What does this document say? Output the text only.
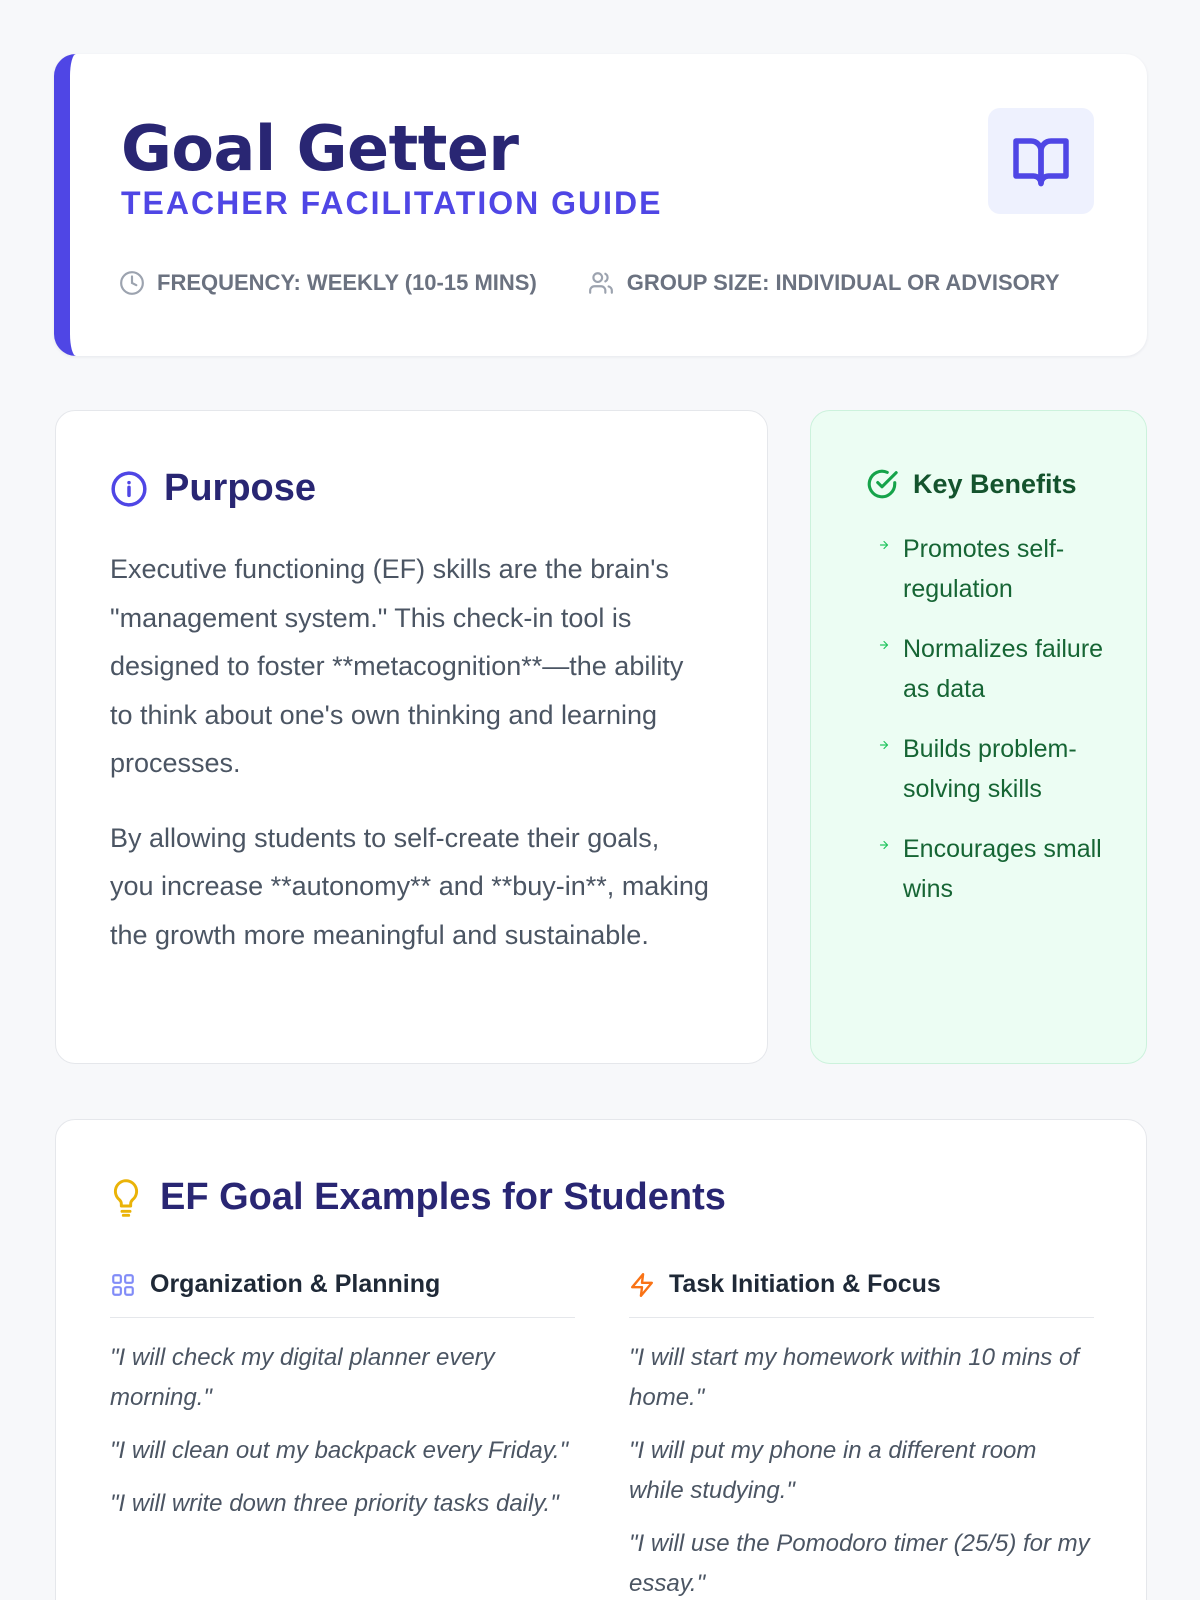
Goal Getter
TEACHER FACILITATION GUIDE
FREQUENCY: WEEKLY (10-15 MINS)	GROUP SIZE: INDIVIDUAL OR ADVISORY
Purpose

Executive functioning (EF) skills are the brain's "management system." This check-in tool is designed to foster **metacognition**—the ability to think about one's own thinking and learning processes.

By allowing students to self-create their goals, you increase **autonomy** and **buy-in**, making the growth more meaningful and sustainable.

Key Benefits
Promotes self-regulation
Normalizes failure as data
Builds problem-solving skills
Encourages small wins
EF Goal Examples for Students
Organization & Planning
"I will check my digital planner every morning."
"I will clean out my backpack every Friday."
"I will write down three priority tasks daily."
Task Initiation & Focus
"I will start my homework within 10 mins of home."
"I will put my phone in a different room while studying."
"I will use the Pomodoro timer (25/5) for my essay."
